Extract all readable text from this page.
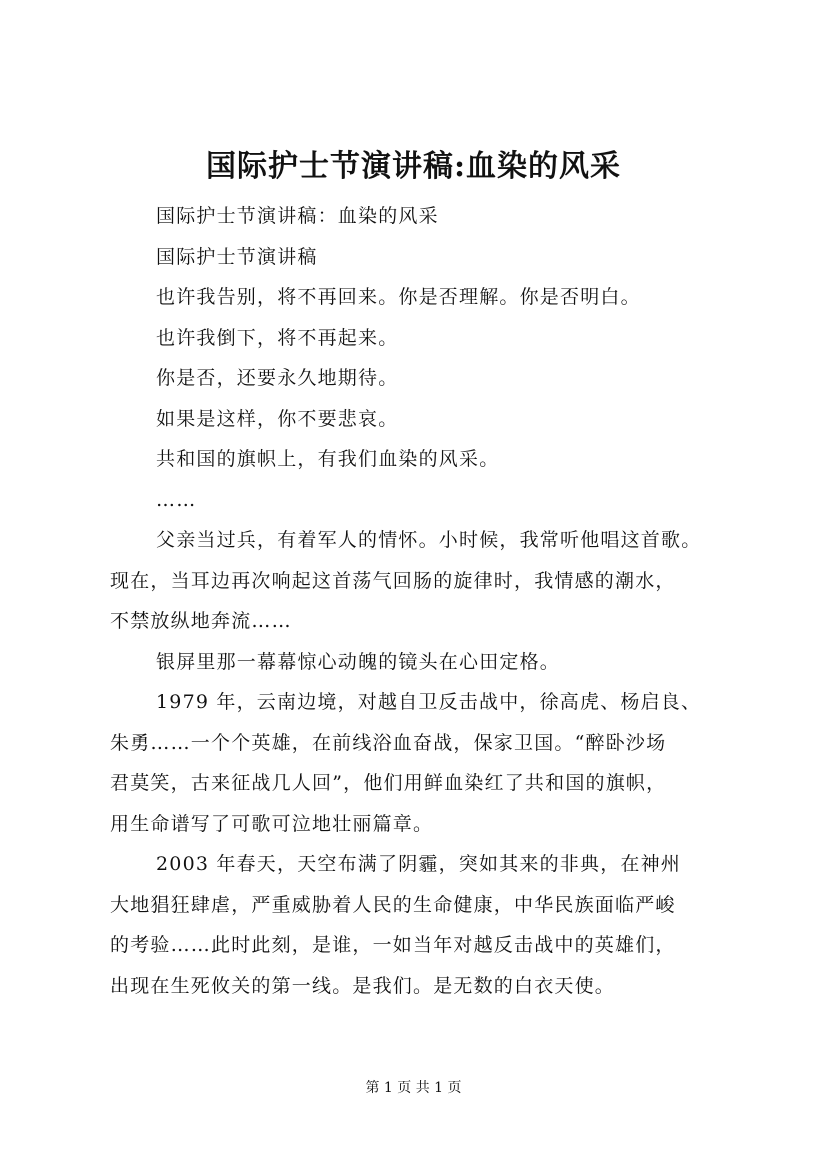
国际护士节演讲稿:血染的风采

国际护士节演讲稿：血染的风采

国际护士节演讲稿

也许我告别，将不再回来。你是否理解。你是否明白。

也许我倒下，将不再起来。

你是否，还要永久地期待。

如果是这样，你不要悲哀。

共和国的旗帜上，有我们血染的风采。

……

父亲当过兵，有着军人的情怀。小时候，我常听他唱这首歌。

现在，当耳边再次响起这首荡气回肠的旋律时，我情感的潮水，

不禁放纵地奔流……

银屏里那一幕幕惊心动魄的镜头在心田定格。

1979 年，云南边境，对越自卫反击战中，徐高虎、杨启良、

朱勇……一个个英雄，在前线浴血奋战，保家卫国。“醉卧沙场

君莫笑，古来征战几人回”，他们用鲜血染红了共和国的旗帜，

用生命谱写了可歌可泣地壮丽篇章。

2003 年春天，天空布满了阴霾，突如其来的非典，在神州

大地猖狂肆虐，严重威胁着人民的生命健康，中华民族面临严峻

的考验……此时此刻，是谁，一如当年对越反击战中的英雄们，

出现在生死攸关的第一线。是我们。是无数的白衣天使。

第 1 页 共 1 页
